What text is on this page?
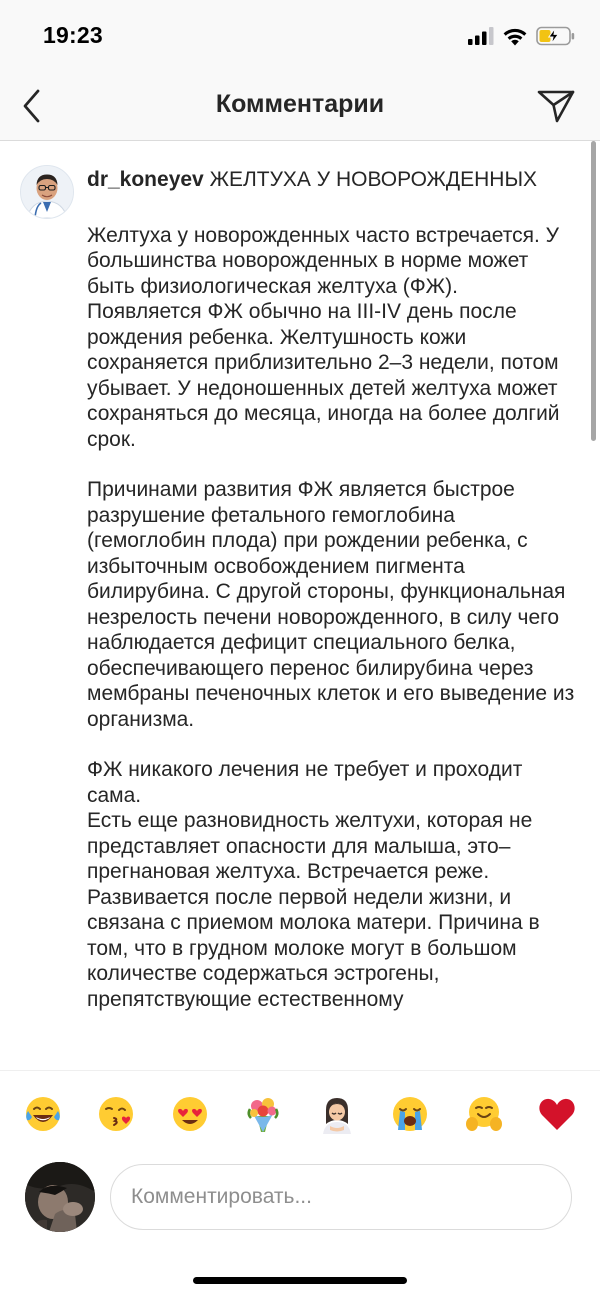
19:23
Комментарии

dr_koneyev ЖЕЛТУХА У НОВОРОЖДЕННЫХ

Желтуха у новорожденных часто встречается. У большинства новорожденных в норме может быть физиологическая желтуха (ФЖ). Появляется ФЖ обычно на III-IV день после рождения ребенка. Желтушность кожи сохраняется приблизительно 2–3 недели, потом убывает. У недоношенных детей желтуха может сохраняться до месяца, иногда на более долгий срок.

Причинами развития ФЖ является быстрое разрушение фетального гемоглобина (гемоглобин плода) при рождении ребенка, с избыточным освобождением пигмента билирубина. С другой стороны, функциональная незрелость печени новорожденного, в силу чего наблюдается дефицит специального белка, обеспечивающего перенос билирубина через мембраны печеночных клеток и его выведение из организма.

ФЖ никакого лечения не требует и проходит сама.

Есть еще разновидность желтухи, которая не представляет опасности для малыша, это– прегнановая желтуха. Встречается реже. Развивается после первой недели жизни, и связана с приемом молока матери. Причина в том, что в грудном молоке могут в большом количестве содержаться эстрогены, препятствующие естественному

Комментировать...
